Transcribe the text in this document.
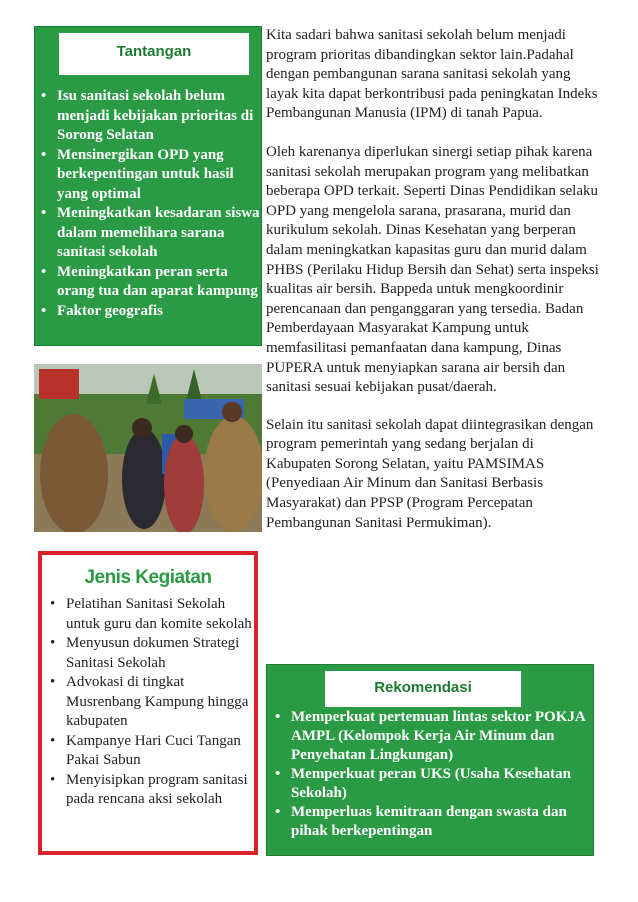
Tantangan
• Isu sanitasi sekolah belum menjadi kebijakan prioritas di Sorong Selatan
• Mensinergikan OPD yang berkepentingan untuk hasil yang optimal
• Meningkatkan kesadaran siswa dalam memelihara sarana sanitasi sekolah
• Meningkatkan peran serta orang tua dan aparat kampung
• Faktor geografis
Jenis Kegiatan
• Pelatihan Sanitasi Sekolah untuk guru dan komite sekolah
• Menyusun dokumen Strategi Sanitasi Sekolah
• Advokasi di tingkat Musrenbang Kampung hingga kabupaten
• Kampanye Hari Cuci Tangan Pakai Sabun
• Menyisipkan program sanitasi pada rencana aksi sekolah

Kita sadari bahwa sanitasi sekolah belum menjadi program prioritas dibandingkan sektor lain.Padahal dengan pembangunan sarana sanitasi sekolah yang layak kita dapat berkontribusi pada peningkatan Indeks Pembangunan Manusia (IPM) di tanah Papua.

Oleh karenanya diperlukan sinergi setiap pihak karena sanitasi sekolah merupakan program yang melibatkan beberapa OPD terkait. Seperti Dinas Pendidikan selaku OPD yang mengelola sarana, prasarana, murid dan kurikulum sekolah. Dinas Kesehatan yang berperan dalam meningkatkan kapasitas guru dan murid dalam PHBS (Perilaku Hidup Bersih dan Sehat) serta inspeksi kualitas air bersih. Bappeda untuk mengkoordinir perencanaan dan penganggaran yang tersedia. Badan Pemberdayaan Masyarakat Kampung untuk memfasilitasi pemanfaatan dana kampung, Dinas PUPERA untuk menyiapkan sarana air bersih dan sanitasi sesuai kebijakan pusat/daerah.

Selain itu sanitasi sekolah dapat diintegrasikan dengan program pemerintah yang sedang berjalan di Kabupaten Sorong Selatan, yaitu PAMSIMAS (Penyediaan Air Minum dan Sanitasi Berbasis Masyarakat) dan PPSP (Program Percepatan Pembangunan Sanitasi Permukiman).

Rekomendasi
• Memperkuat pertemuan lintas sektor POKJA AMPL (Kelompok Kerja Air Minum dan Penyehatan Lingkungan)
• Memperkuat peran UKS (Usaha Kesehatan Sekolah)
• Memperluas kemitraan dengan swasta dan pihak berkepentingan
